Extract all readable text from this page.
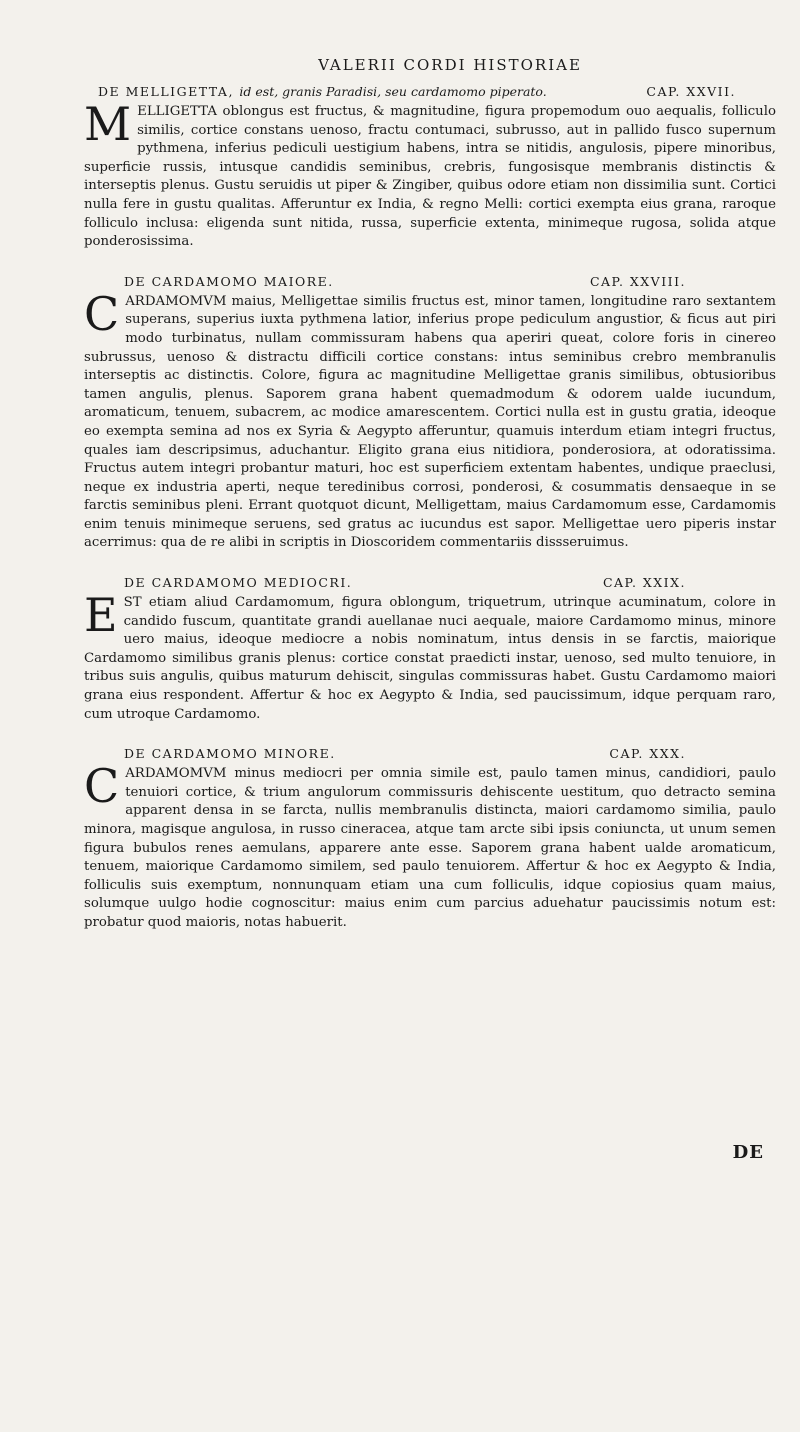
VALERII CORDI HISTORIAE
DE MELLIGETTA, id est, granis Paradisi, seu cardamomo piperato.	CAP. XXVII.

MELLIGETTA oblongus est fructus, & magnitudine, figura propemodum ouo aequalis, folliculo similis, cortice constans uenoso, fractu contumaci, subrusso, aut in pallido fusco supernum pythmena, inferius pediculi uestigium habens, intra se nitidis, angulosis, pipere minoribus, superficie russis, intusque candidis seminibus, crebris, fungosisque membranis distinctis & interseptis plenus. Gustu seruidis ut piper & Zingiber, quibus odore etiam non dissimilia sunt. Cortici nulla fere in gustu qualitas. Afferuntur ex India, & regno Melli: cortici exempta eius grana, raroque folliculo inclusa: eligenda sunt nitida, russa, superficie extenta, minimeque rugosa, solida atque ponderosissima.

DE CARDAMOMO MAIORE.	CAP. XXVIII.

CARDAMOMVM maius, Melligettae similis fructus est, minor tamen, longitudine raro sextantem superans, superius iuxta pythmena latior, inferius prope pediculum angustior, & ficus aut piri modo turbinatus, nullam commissuram habens qua aperiri queat, colore foris in cinereo subrussus, uenoso & distractu difficili cortice constans: intus seminibus crebro membranulis interseptis ac distinctis. Colore, figura ac magnitudine Melligettae granis similibus, obtusioribus tamen angulis, plenus. Saporem grana habent quemadmodum & odorem ualde iucundum, aromaticum, tenuem, subacrem, ac modice amarescentem. Cortici nulla est in gustu gratia, ideoque eo exempta semina ad nos ex Syria & Aegypto afferuntur, quamuis interdum etiam integri fructus, quales iam descripsimus, aduchantur. Eligito grana eius nitidiora, ponderosiora, at odoratissima. Fructus autem integri probantur maturi, hoc est superficiem extentam habentes, undique praeclusi, neque ex industria aperti, neque teredinibus corrosi, ponderosi, & cosummatis densaeque in se farctis seminibus pleni. Errant quotquot dicunt, Melligettam, maius Cardamomum esse, Cardamomis enim tenuis minimeque seruens, sed gratus ac iucundus est sapor. Melligettae uero piperis instar acerrimus: qua de re alibi in scriptis in Dioscoridem commentariis dissseruimus.

DE CARDAMOMO MEDIOCRI.	CAP. XXIX.

EST etiam aliud Cardamomum, figura oblongum, triquetrum, utrinque acuminatum, colore in candido fuscum, quantitate grandi auellanae nuci aequale, maiore Cardamomo minus, minore uero maius, ideoque mediocre a nobis nominatum, intus densis in se farctis, maiorique Cardamomo similibus granis plenus: cortice constat praedicti instar, uenoso, sed multo tenuiore, in tribus suis angulis, quibus maturum dehiscit, singulas commissuras habet. Gustu Cardamomo maiori grana eius respondent. Affertur & hoc ex Aegypto & India, sed paucissimum, idque perquam raro, cum utroque Cardamomo.

DE CARDAMOMO MINORE.	CAP. XXX.

CARDAMOMVM minus mediocri per omnia simile est, paulo tamen minus, candidiori, paulo tenuiori cortice, & trium angulorum commissuris dehiscente uestitum, quo detracto semina apparent densa in se farcta, nullis membranulis distincta, maiori cardamomo similia, paulo minora, magisque angulosa, in russo cineracea, atque tam arcte sibi ipsis coniuncta, ut unum semen figura bubulos renes aemulans, apparere ante esse. Saporem grana habent ualde aromaticum, tenuem, maiorique Cardamomo similem, sed paulo tenuiorem. Affertur & hoc ex Aegypto & India, folliculis suis exemptum, nonnunquam etiam una cum folliculis, idque copiosius quam maius, solumque uulgo hodie cognoscitur: maius enim cum parcius aduehatur paucissimis notum est: probatur quod maioris, notas habuerit.

DE
